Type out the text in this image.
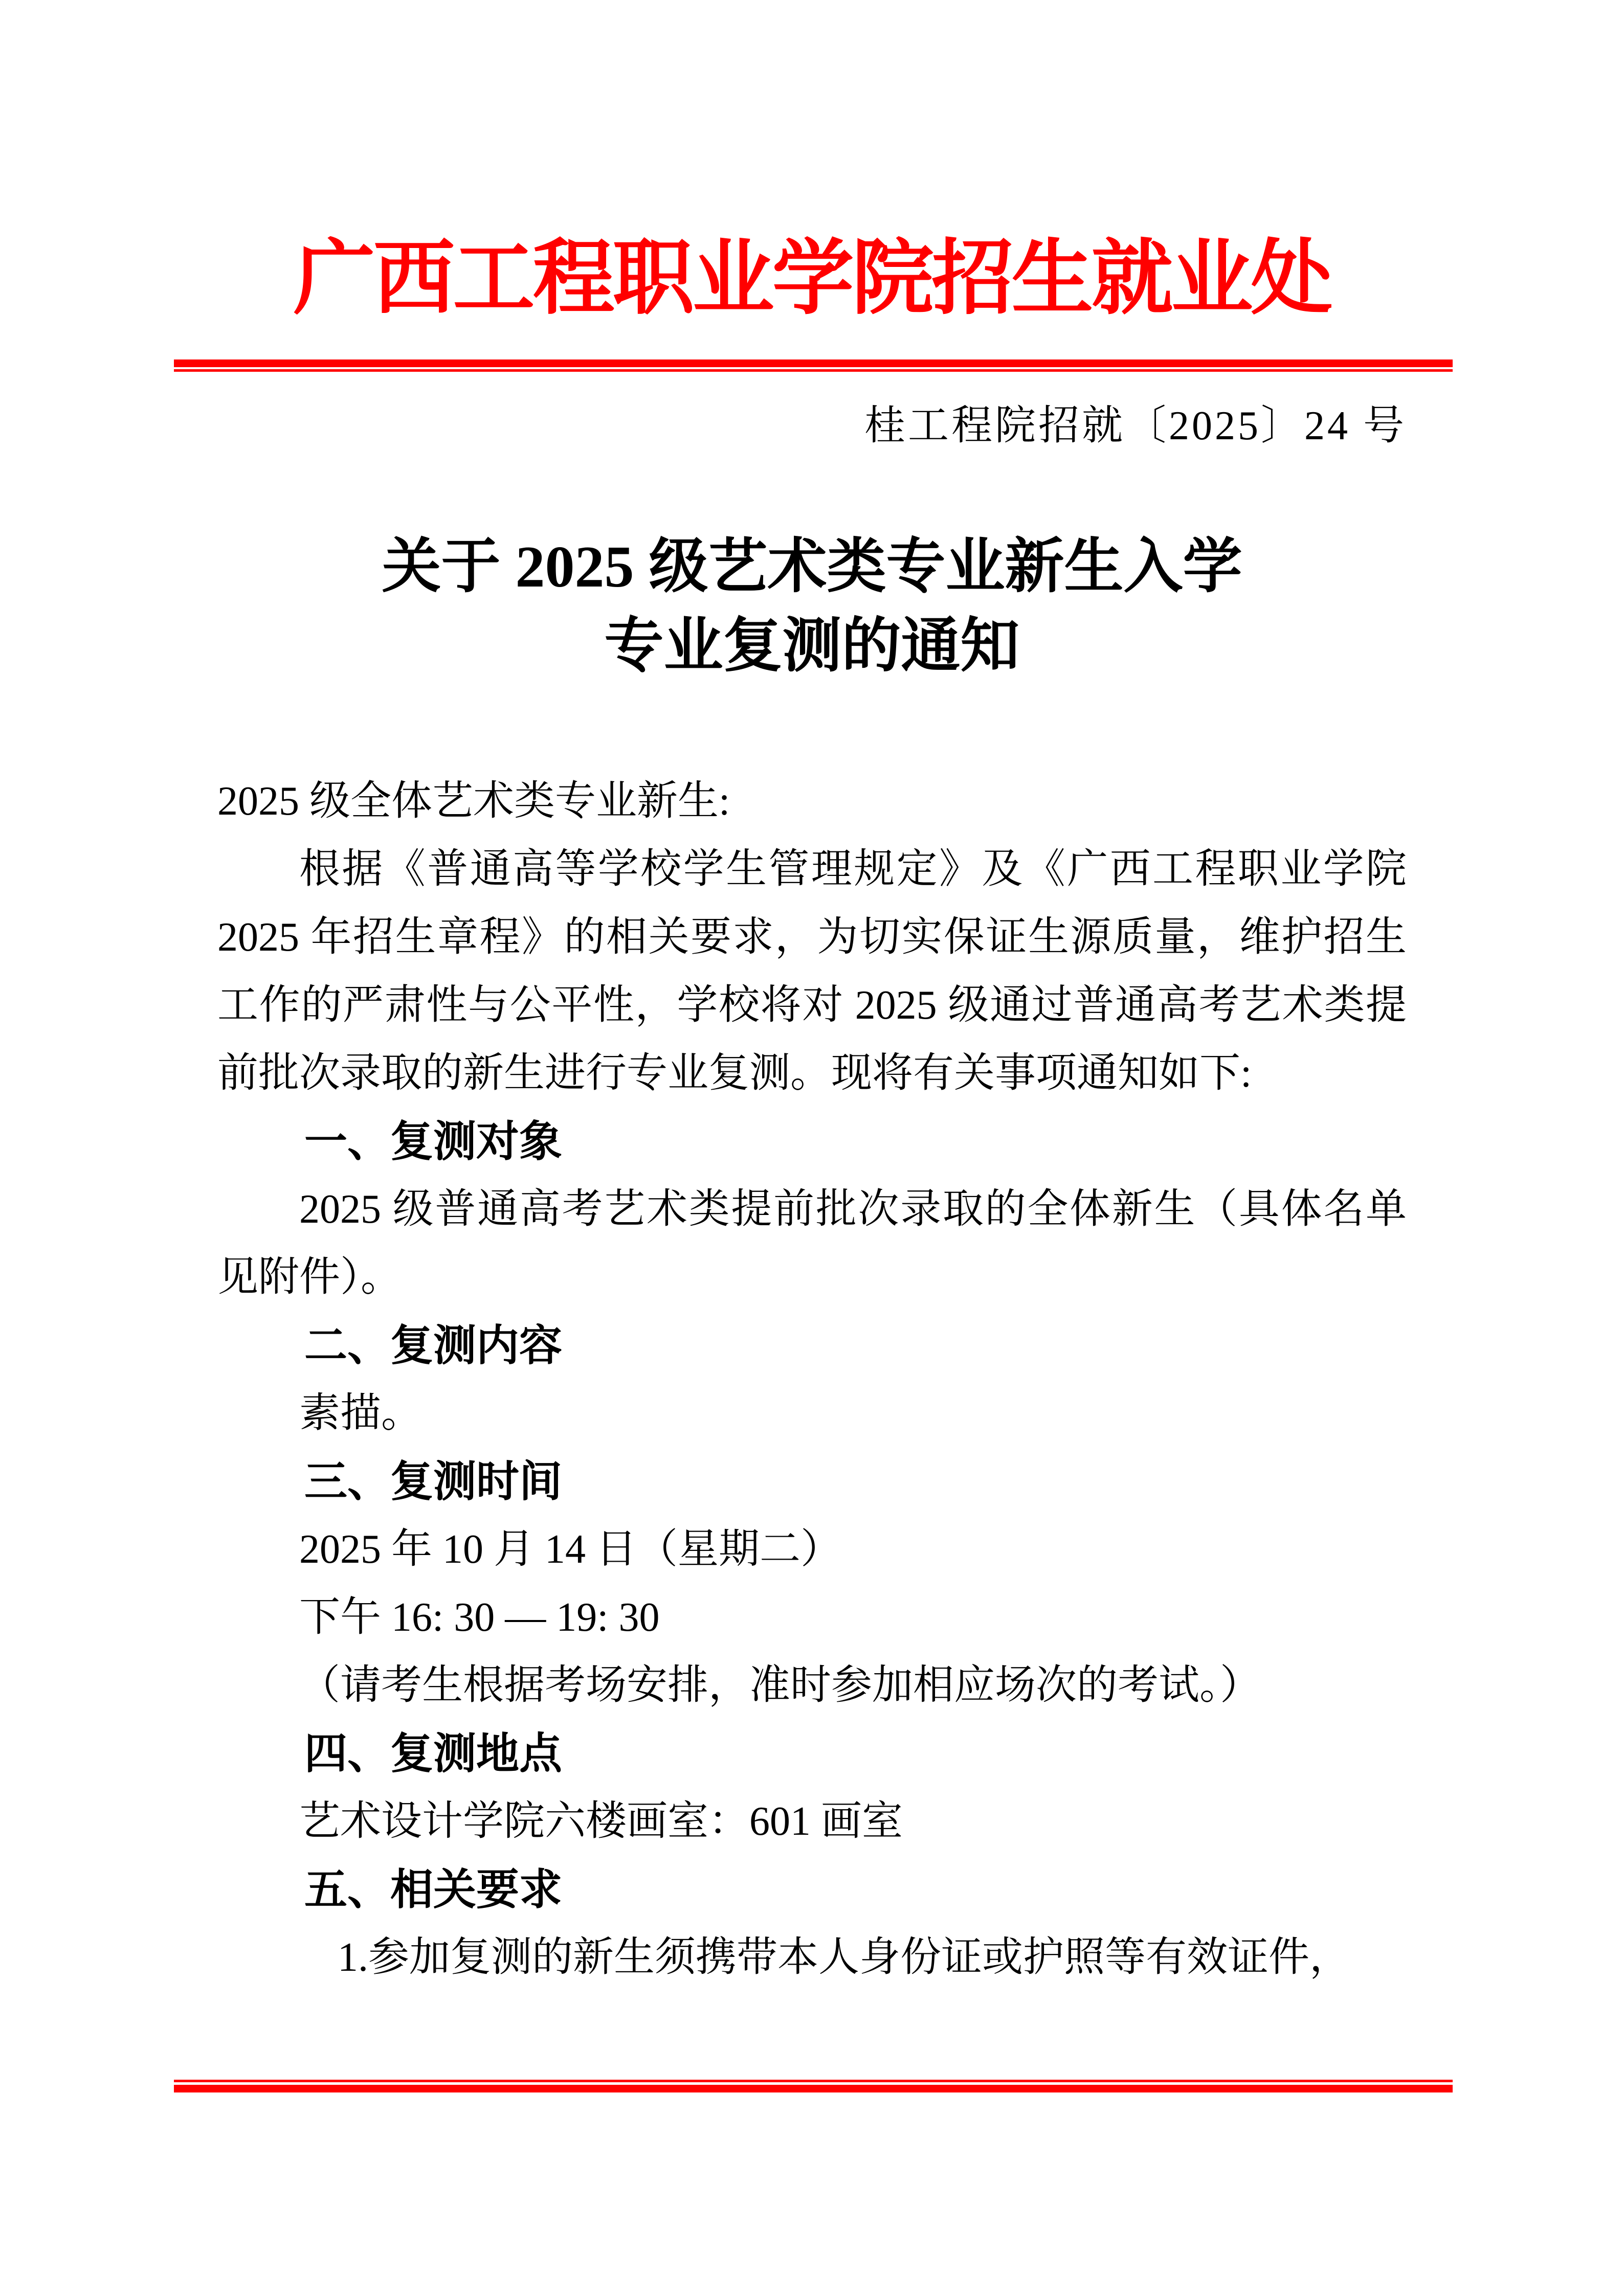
广西工程职业学院招生就业处
桂工程院招就〔2025〕24 号
关于 2025 级艺术类专业新生入学
专业复测的通知

2025 级全体艺术类专业新生:

根据《普通高等学校学生管理规定》及《广西工程职业学院 2025 年招生章程》的相关要求，为切实保证生源质量，维护招生工作的严肃性与公平性，学校将对 2025 级通过普通高考艺术类提前批次录取的新生进行专业复测。现将有关事项通知如下:

一、复测对象

2025 级普通高考艺术类提前批次录取的全体新生（具体名单见附件）。

二、复测内容

素描。

三、复测时间

2025 年 10 月 14 日（星期二）

下午 16: 30 — 19: 30

（请考生根据考场安排，准时参加相应场次的考试。）

四、复测地点

艺术设计学院六楼画室：601 画室

五、相关要求

1.参加复测的新生须携带本人身份证或护照等有效证件，
